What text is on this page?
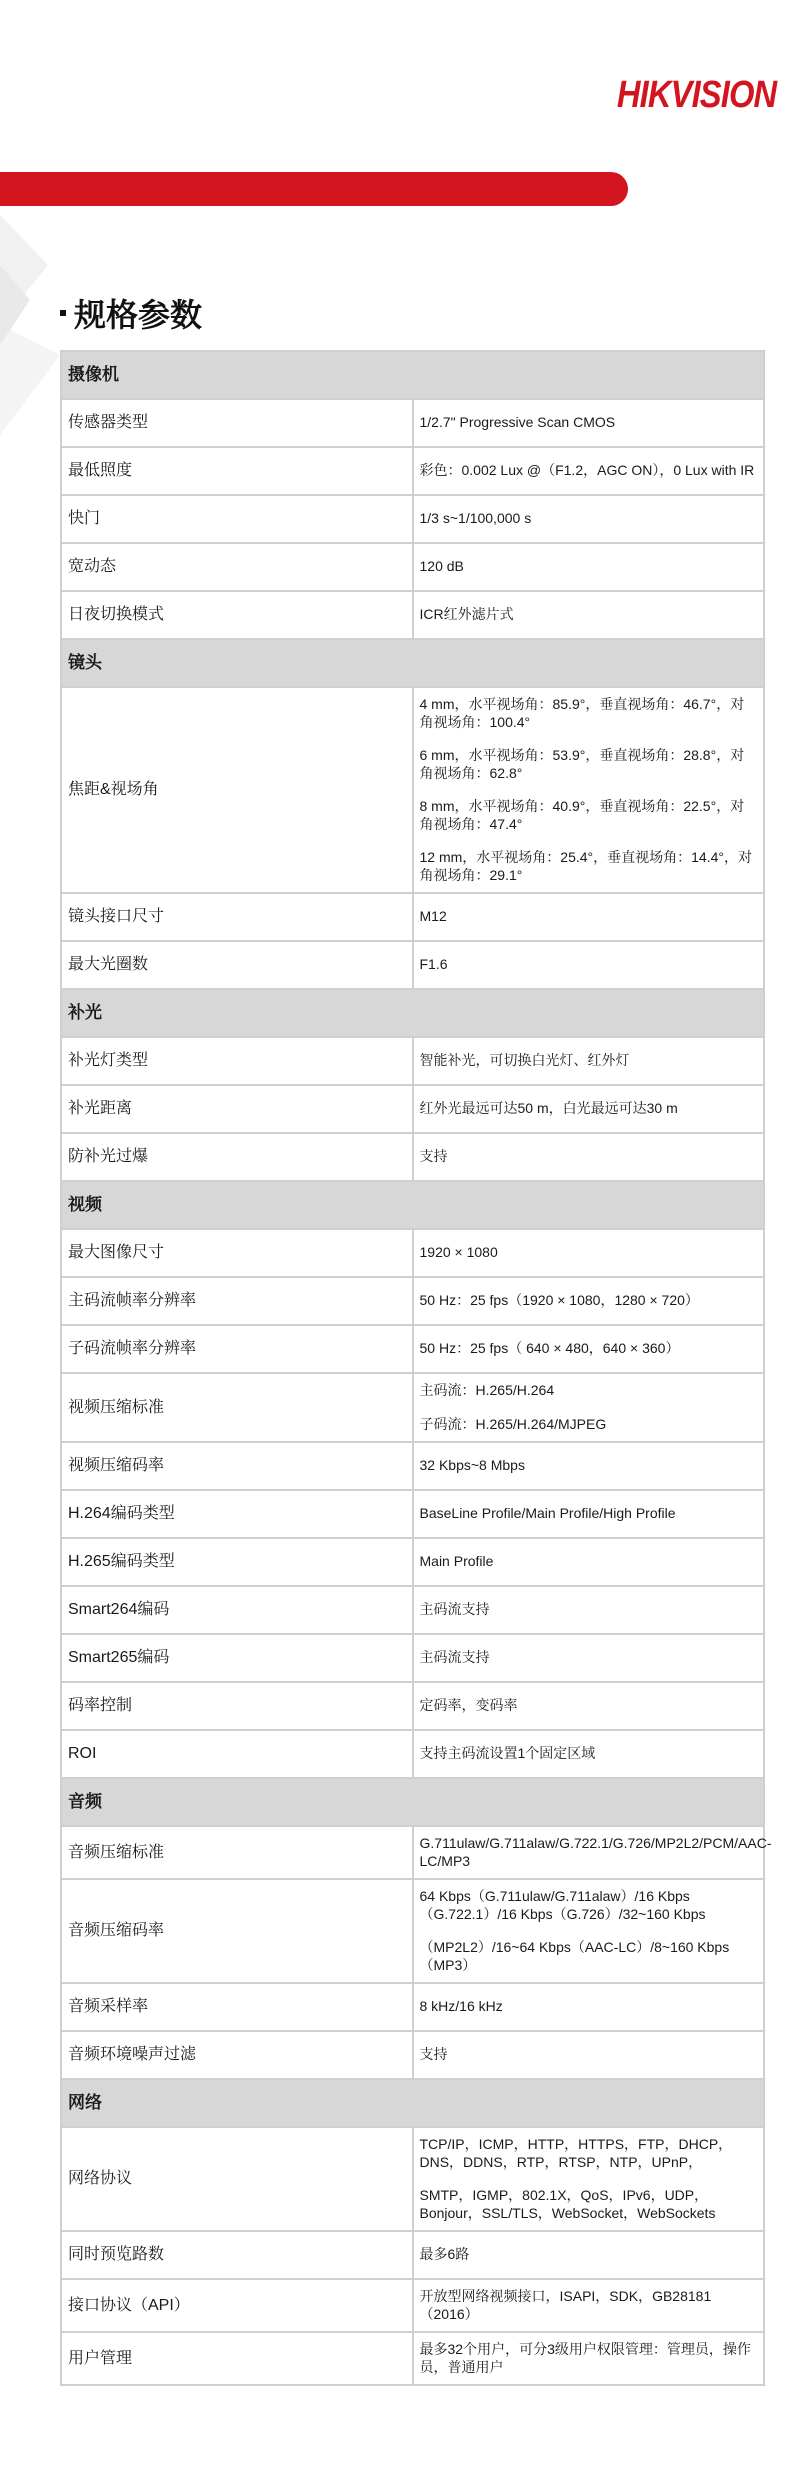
HIKVISION
规格参数
摄像机	
传感器类型	1/2.7" Progressive Scan CMOS

最低照度	彩色：0.002 Lux @（F1.2，AGC ON），0 Lux with IR

快门	1/3 s~1/100,000 s

宽动态	120 dB

日夜切换模式	ICR红外滤片式

镜头	
焦距&视场角	4 mm，水平视场角：85.9°，垂直视场角：46.7°，对角视场角：100.4°
6 mm，水平视场角：53.9°，垂直视场角：28.8°，对角视场角：62.8°
8 mm，水平视场角：40.9°，垂直视场角：22.5°，对角视场角：47.4°
12 mm，水平视场角：25.4°，垂直视场角：14.4°，对角视场角：29.1°

镜头接口尺寸	M12

最大光圈数	F1.6

补光	
补光灯类型	智能补光，可切换白光灯、红外灯

补光距离	红外光最远可达50 m，白光最远可达30 m

防补光过爆	支持

视频	
最大图像尺寸	1920 × 1080

主码流帧率分辨率	50 Hz：25 fps（1920 × 1080，1280 × 720）

子码流帧率分辨率	50 Hz：25 fps（ 640 × 480，640 × 360）

视频压缩标准	主码流：H.265/H.264
子码流：H.265/H.264/MJPEG

视频压缩码率	32 Kbps~8 Mbps

H.264编码类型	BaseLine Profile/Main Profile/High Profile

H.265编码类型	Main Profile

Smart264编码	主码流支持

Smart265编码	主码流支持

码率控制	定码率，变码率

ROI	支持主码流设置1个固定区域

音频	
音频压缩标准	G.711ulaw/G.711alaw/G.722.1/G.726/MP2L2/PCM/AAC-LC/MP3

音频压缩码率	64 Kbps（G.711ulaw/G.711alaw）/16 Kbps（G.722.1）/16 Kbps（G.726）/32~160 Kbps
（MP2L2）/16~64 Kbps（AAC-LC）/8~160 Kbps（MP3）

音频采样率	8 kHz/16 kHz

音频环境噪声过滤	支持

网络	
网络协议	TCP/IP，ICMP，HTTP，HTTPS，FTP，DHCP，DNS，DDNS，RTP，RTSP，NTP，UPnP，
SMTP，IGMP，802.1X，QoS，IPv6，UDP，Bonjour，SSL/TLS，WebSocket，WebSockets

同时预览路数	最多6路

接口协议（API）	开放型网络视频接口，ISAPI，SDK，GB28181（2016）

用户管理	最多32个用户，可分3级用户权限管理：管理员，操作员，普通用户
